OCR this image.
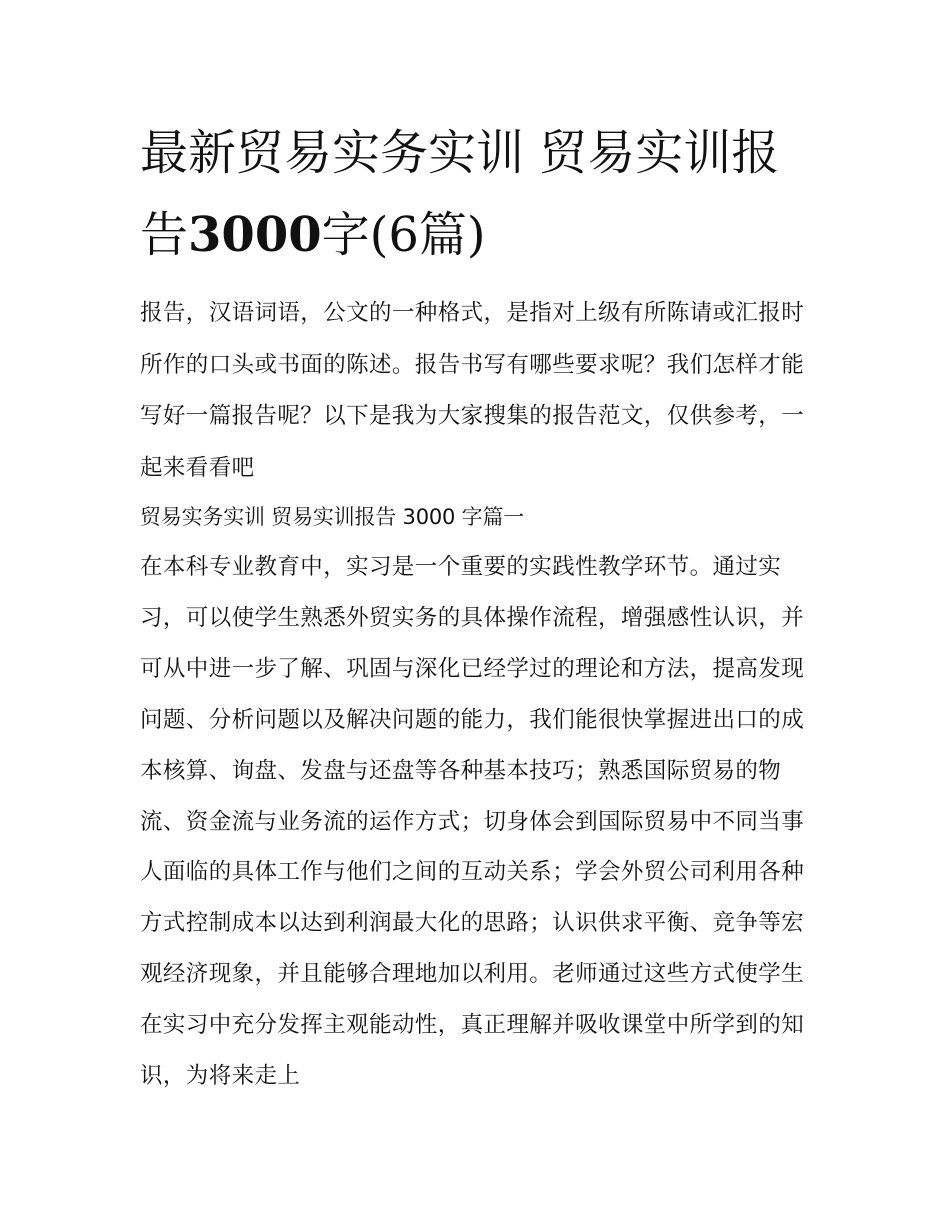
最新贸易实务实训 贸易实训报
告3000字(6篇)

报告，汉语词语，公文的一种格式，是指对上级有所陈请或汇报时所作的口头或书面的陈述。报告书写有哪些要求呢？我们怎样才能写好一篇报告呢？以下是我为大家搜集的报告范文，仅供参考，一起来看看吧

贸易实务实训 贸易实训报告 3000 字篇一

在本科专业教育中，实习是一个重要的实践性教学环节。通过实习，可以使学生熟悉外贸实务的具体操作流程，增强感性认识，并可从中进一步了解、巩固与深化已经学过的理论和方法，提高发现问题、分析问题以及解决问题的能力，我们能很快掌握进出口的成本核算、询盘、发盘与还盘等各种基本技巧；熟悉国际贸易的物流、资金流与业务流的运作方式；切身体会到国际贸易中不同当事人面临的具体工作与他们之间的互动关系；学会外贸公司利用各种方式控制成本以达到利润最大化的思路；认识供求平衡、竞争等宏观经济现象，并且能够合理地加以利用。老师通过这些方式使学生在实习中充分发挥主观能动性，真正理解并吸收课堂中所学到的知识，为将来走上
